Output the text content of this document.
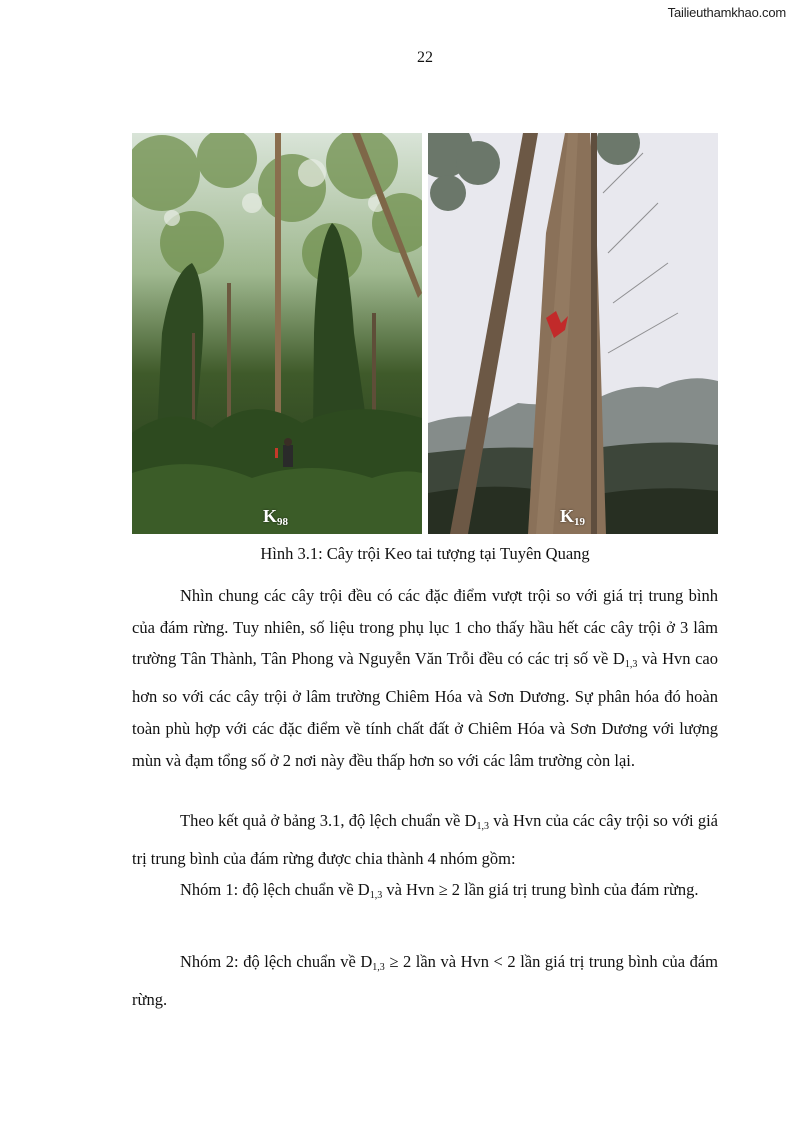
Tailieuthamkhao.com
22
$K_{98}$	$K_{19}$
Hình 3.1: Cây trội Keo tai tượng tại Tuyên Quang
Nhìn chung các cây trội đều có các đặc điểm vượt trội so với giá trị trung bình của đám rừng. Tuy nhiên, số liệu trong phụ lục 1 cho thấy hầu hết các cây trội ở 3 lâm trường Tân Thành, Tân Phong và Nguyễn Văn Trỗi đều có các trị số về $D_{1,3}$ và Hvn cao hơn so với các cây trội ở lâm trường Chiêm Hóa và Sơn Dương. Sự phân hóa đó hoàn toàn phù hợp với các đặc điểm về tính chất đất ở Chiêm Hóa và Sơn Dương với lượng mùn và đạm tổng số ở 2 nơi này đều thấp hơn so với các lâm trường còn lại.
Theo kết quả ở bảng 3.1, độ lệch chuẩn về $D_{1,3}$ và Hvn của các cây trội so với giá trị trung bình của đám rừng được chia thành 4 nhóm gồm:
Nhóm 1: độ lệch chuẩn về $D_{1,3}$ và Hvn ≥ 2 lần giá trị trung bình của đám rừng.
Nhóm 2: độ lệch chuẩn về $D_{1,3} \ge 2$ lần và Hvn < 2 lần giá trị trung bình của đám rừng.
